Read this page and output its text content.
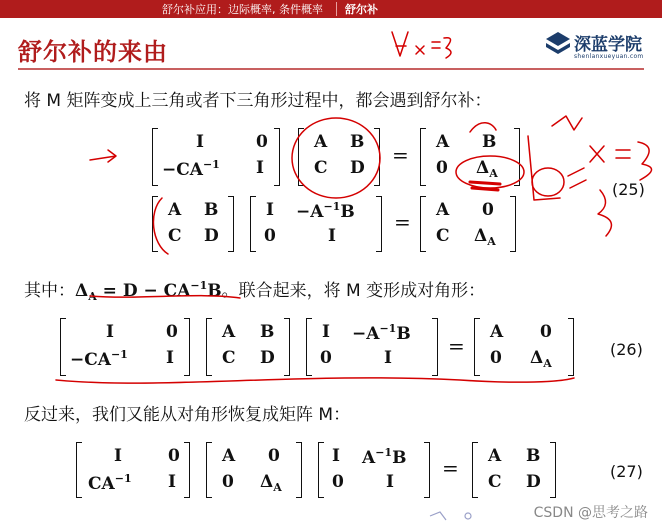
舒尔补应用：边际概率, 条件概率 舒尔补
舒尔补的来由	深蓝学院
shenlanxueyuan.com
将 M 矩阵变成上三角或者下三角形过程中，都会遇到舒尔补：
I	0
$-CA^{-1}$ I
A B
C D
=
A B
0 $\Delta_A$
A B
C D
$I -A^{-1}B$
0	I
= A 0
C $\Delta_A$
(25)
其中：$\Delta_A = D - CA^{-1}B$。联合起来，将 M 变形成对角形：
I	0
$-CA^{-1}$ I
A B
C D
$I -A^{-1}B$
0	I	=
A 0
0 $\Delta_A$
(26)
反过来，我们又能从对角形恢复成矩阵 M：
I	0
$CA^{-1}$ I
A 0
0 $\Delta_A$
I $A^{-1}B$
0 I
= A B
C D
(27)
CSDN @思考之路
